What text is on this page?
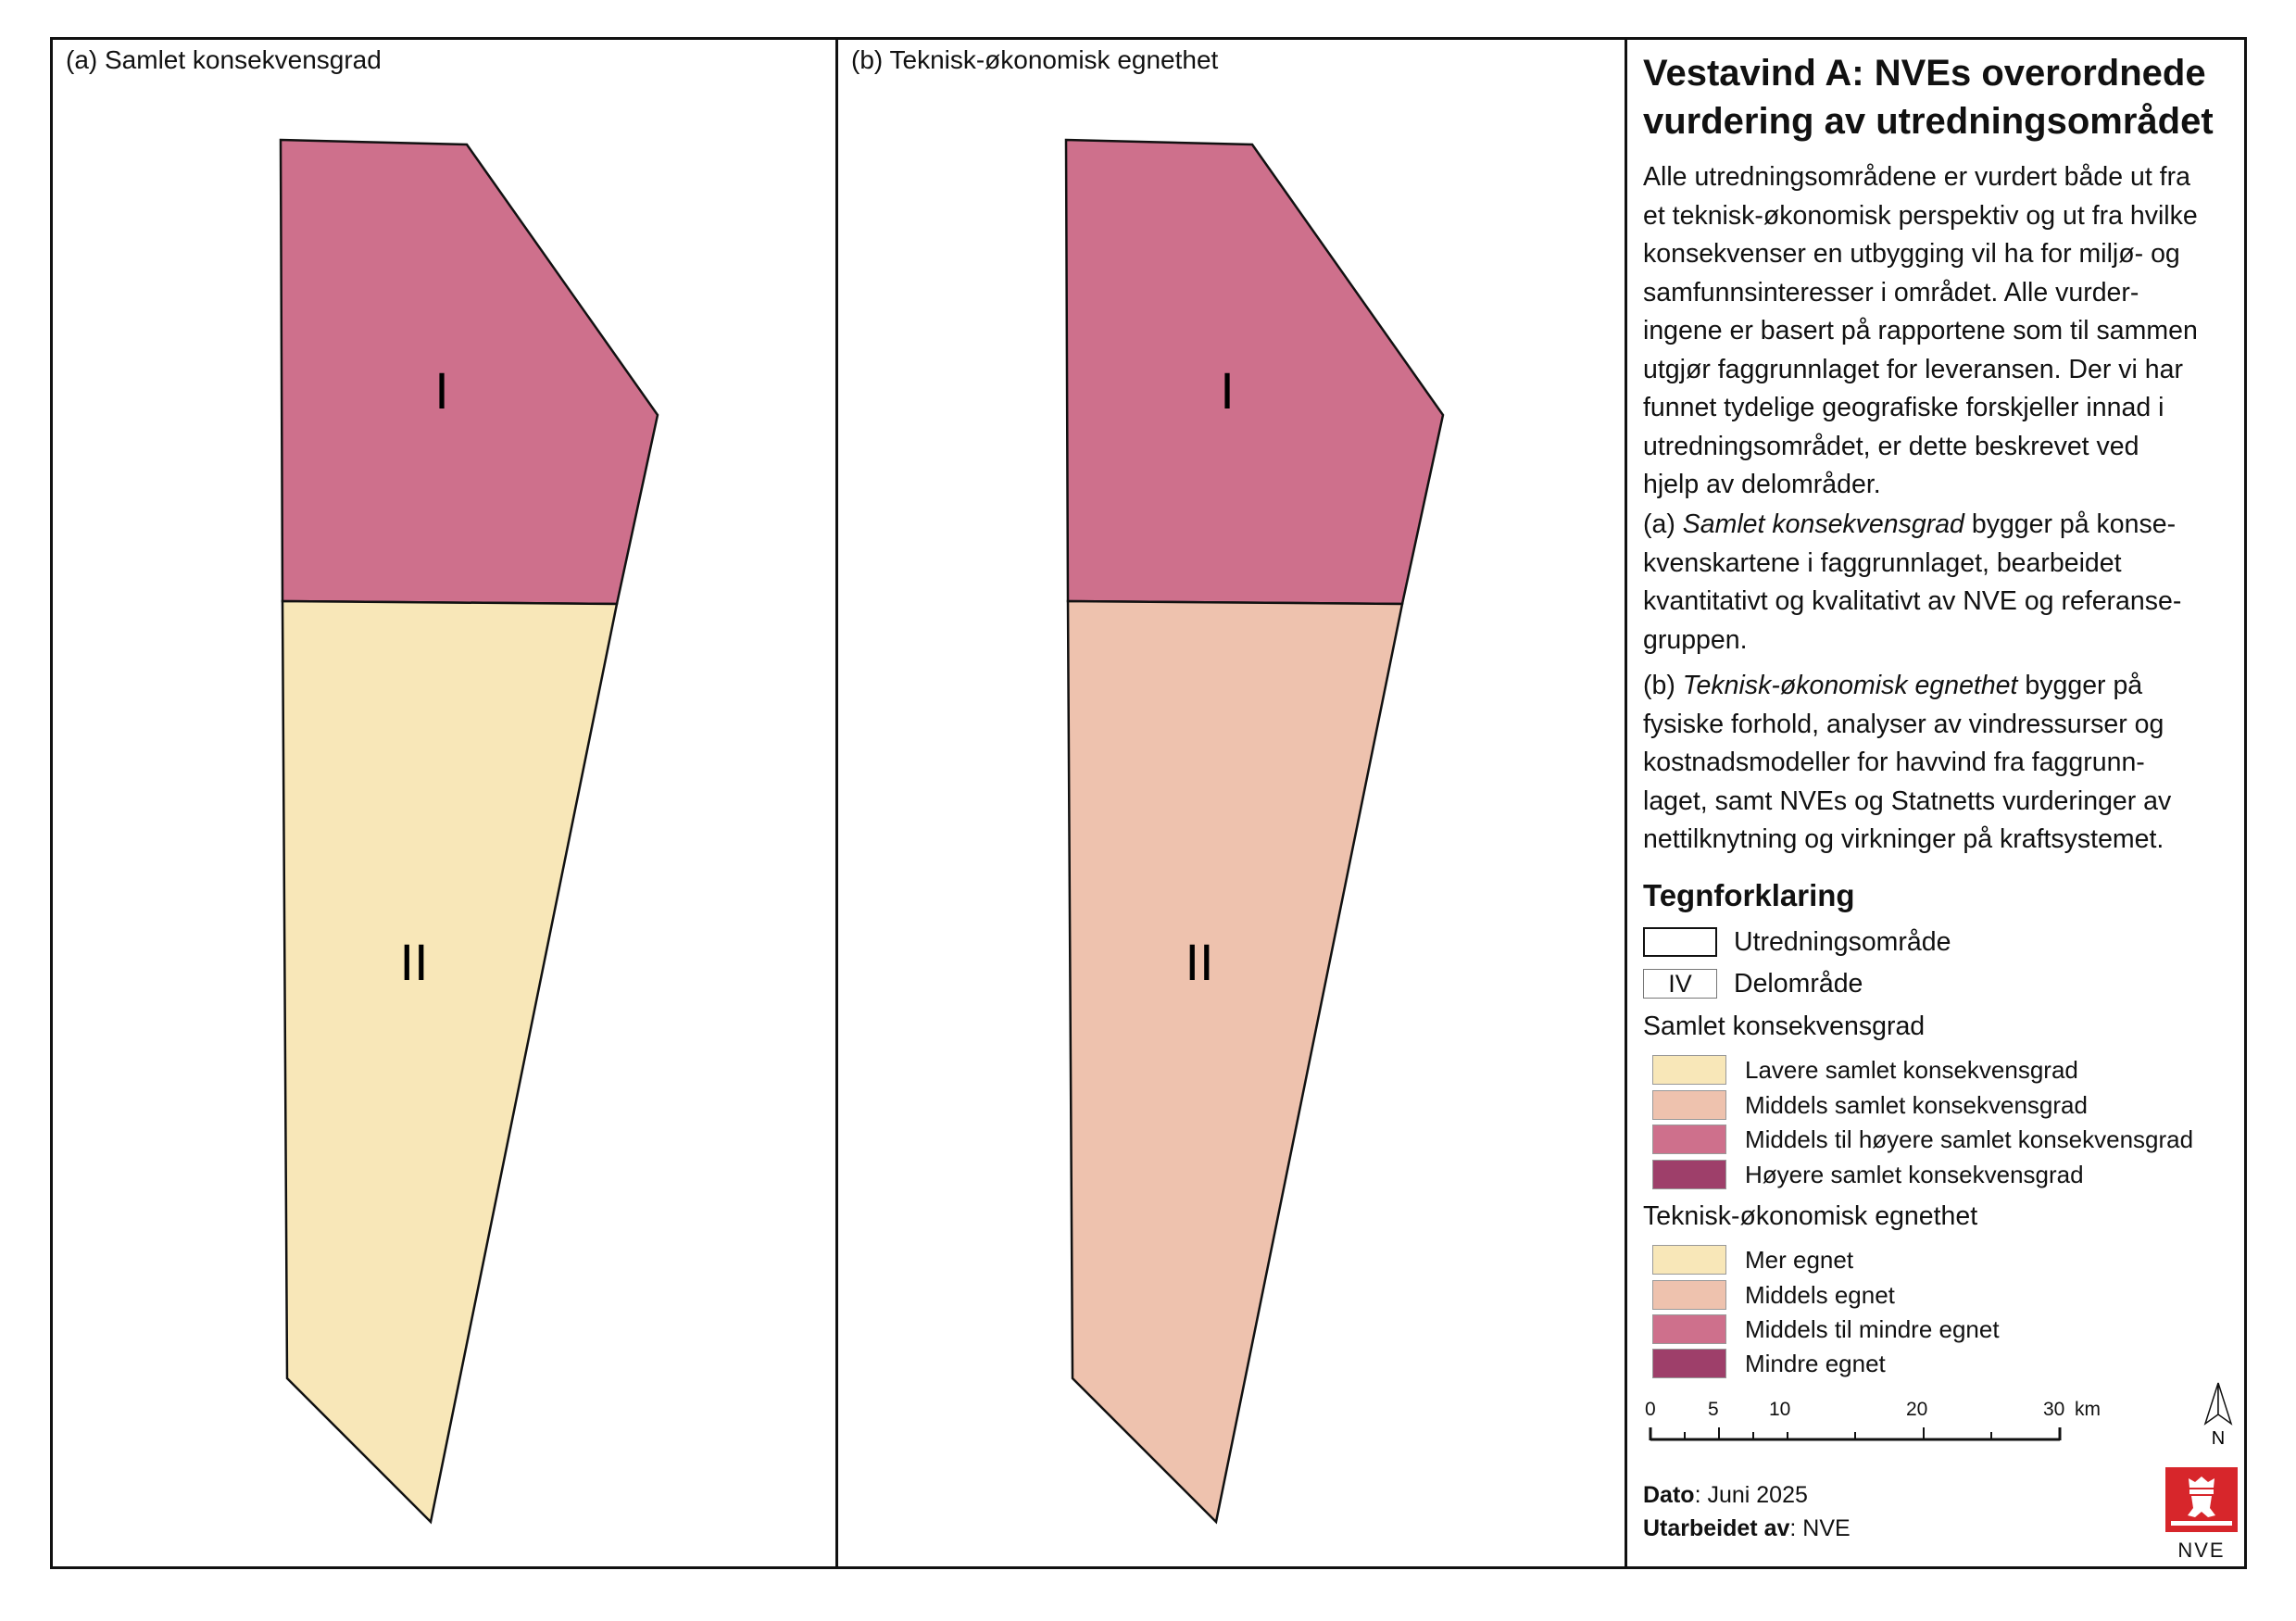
I
II
(a) Samlet konsekvensgrad
I
II
(b) Teknisk-økonomisk egnethet	Vestavind A: NVEs overordnede
vurdering av utredningsområdet
Alle utredningsområdene er vurdert både ut fra
et teknisk-økonomisk perspektiv og ut fra hvilke
konsekvenser en utbygging vil ha for miljø- og
samfunnsinteresser i området. Alle vurder-
ingene er basert på rapportene som til sammen
utgjør faggrunnlaget for leveransen. Der vi har
funnet tydelige geografiske forskjeller innad i
utredningsområdet, er dette beskrevet ved
hjelp av delområder.
(a) Samlet konsekvensgrad bygger på konse-
kvenskartene i faggrunnlaget, bearbeidet
kvantitativt og kvalitativt av NVE og referanse-
gruppen.
(b) Teknisk-økonomisk egnethet bygger på
fysiske forhold, analyser av vindressurser og
kostnadsmodeller for havvind fra faggrunn-
laget, samt NVEs og Statnetts vurderinger av
nettilknytning og virkninger på kraftsystemet.
Tegnforklaring
Utredningsområde
IV	Delområde
Samlet konsekvensgrad
Lavere samlet konsekvensgrad
Middels samlet konsekvensgrad
Middels til høyere samlet konsekvensgrad
Høyere samlet konsekvensgrad
Teknisk-økonomisk egnethet
Mer egnet
Middels egnet
Middels til mindre egnet
Mindre egnet
0	5	10	20	30 km
N
Dato: Juni 2025
Utarbeidet av: NVE
NVE
